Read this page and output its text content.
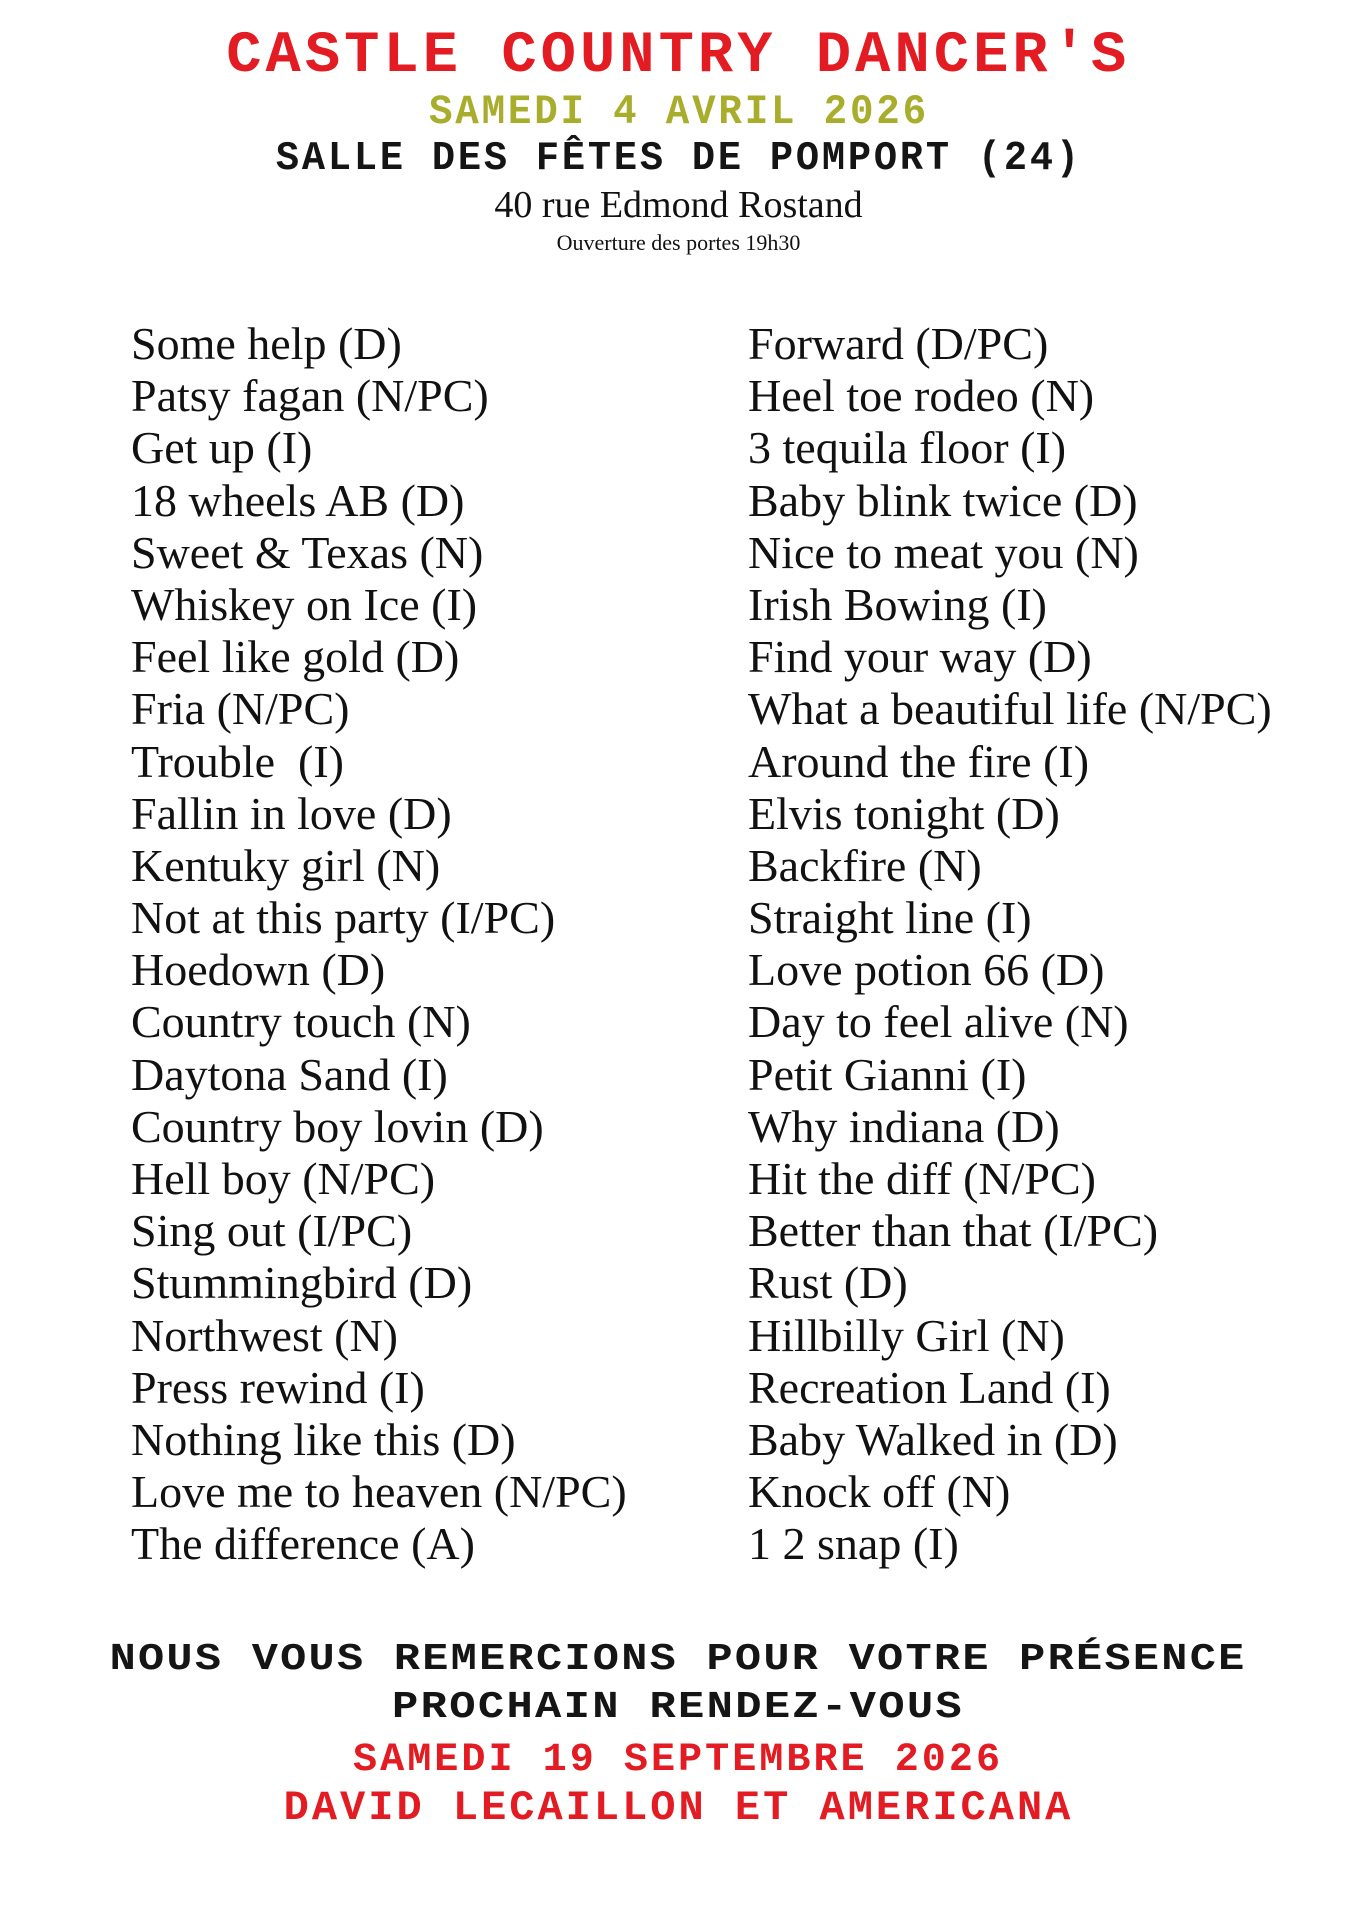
CASTLE COUNTRY DANCER'S
SAMEDI 4 AVRIL 2026
SALLE DES FÊTES DE POMPORT (24)
40 rue Edmond Rostand
Ouverture des portes 19h30
Some help (D)
Patsy fagan (N/PC)
Get up (I)
18 wheels AB (D)
Sweet & Texas (N)
Whiskey on Ice (I)
Feel like gold (D)
Fria (N/PC)
Trouble  (I)
Fallin in love (D)
Kentuky girl (N)
Not at this party (I/PC)
Hoedown (D)
Country touch (N)
Daytona Sand (I)
Country boy lovin (D)
Hell boy (N/PC)
Sing out (I/PC)
Stummingbird (D)
Northwest (N)
Press rewind (I)
Nothing like this (D)
Love me to heaven (N/PC)
The difference (A)
Forward (D/PC)
Heel toe rodeo (N)
3 tequila floor (I)
Baby blink twice (D)
Nice to meat you (N)
Irish Bowing (I)
Find your way (D)
What a beautiful life (N/PC)
Around the fire (I)
Elvis tonight (D)
Backfire (N)
Straight line (I)
Love potion 66 (D)
Day to feel alive (N)
Petit Gianni (I)
Why indiana (D)
Hit the diff (N/PC)
Better than that (I/PC)
Rust (D)
Hillbilly Girl (N)
Recreation Land (I)
Baby Walked in (D)
Knock off (N)
1 2 snap (I)
NOUS VOUS REMERCIONS POUR VOTRE PRÉSENCE
PROCHAIN RENDEZ-VOUS
SAMEDI 19 SEPTEMBRE 2026
DAVID LECAILLON ET AMERICANA
